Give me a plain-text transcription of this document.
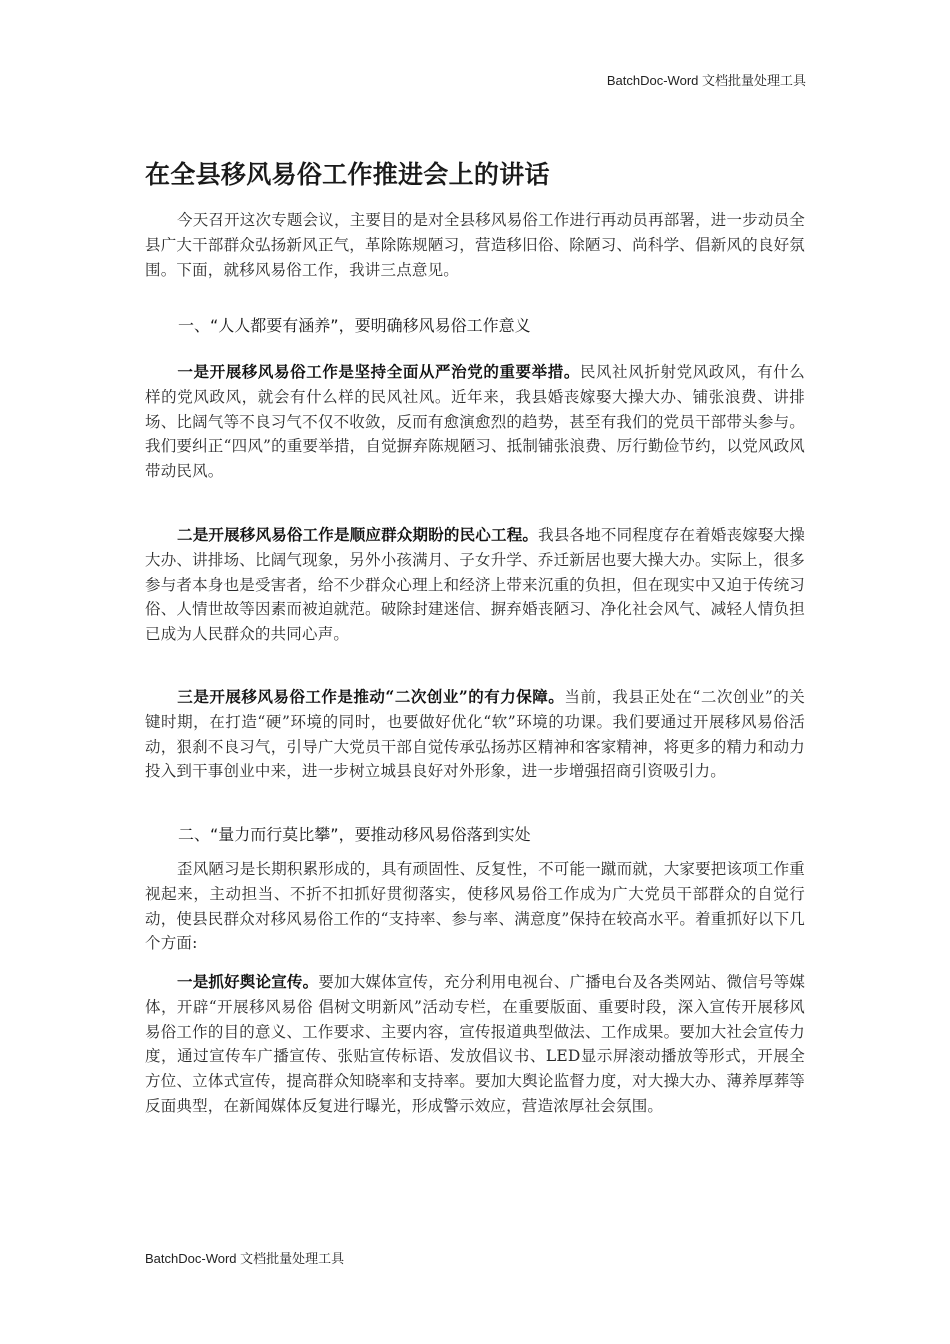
BatchDoc-Word 文档批量处理工具
在全县移风易俗工作推进会上的讲话
今天召开这次专题会议，主要目的是对全县移风易俗工作进行再动员再部署，进一步动员全县广大干部群众弘扬新风正气，革除陈规陋习，营造移旧俗、除陋习、尚科学、倡新风的良好氛围。下面，就移风易俗工作，我讲三点意见。
一、“人人都要有涵养”，要明确移风易俗工作意义
一是开展移风易俗工作是坚持全面从严治党的重要举措。民风社风折射党风政风，有什么样的党风政风，就会有什么样的民风社风。近年来，我县婚丧嫁娶大操大办、铺张浪费、讲排场、比阔气等不良习气不仅不收敛，反而有愈演愈烈的趋势，甚至有我们的党员干部带头参与。我们要纠正“四风”的重要举措，自觉摒弃陈规陋习、抵制铺张浪费、厉行勤俭节约，以党风政风带动民风。
二是开展移风易俗工作是顺应群众期盼的民心工程。我县各地不同程度存在着婚丧嫁娶大操大办、讲排场、比阔气现象，另外小孩满月、子女升学、乔迁新居也要大操大办。实际上，很多参与者本身也是受害者，给不少群众心理上和经济上带来沉重的负担，但在现实中又迫于传统习俗、人情世故等因素而被迫就范。破除封建迷信、摒弃婚丧陋习、净化社会风气、减轻人情负担已成为人民群众的共同心声。
三是开展移风易俗工作是推动“二次创业”的有力保障。当前，我县正处在“二次创业”的关键时期，在打造“硬”环境的同时，也要做好优化“软”环境的功课。我们要通过开展移风易俗活动，狠刹不良习气，引导广大党员干部自觉传承弘扬苏区精神和客家精神，将更多的精力和动力投入到干事创业中来，进一步树立城县良好对外形象，进一步增强招商引资吸引力。
二、“量力而行莫比攀”，要推动移风易俗落到实处
歪风陋习是长期积累形成的，具有顽固性、反复性，不可能一蹴而就，大家要把该项工作重视起来，主动担当、不折不扣抓好贯彻落实，使移风易俗工作成为广大党员干部群众的自觉行动，使县民群众对移风易俗工作的“支持率、参与率、满意度”保持在较高水平。着重抓好以下几个方面:
一是抓好舆论宣传。要加大媒体宣传，充分利用电视台、广播电台及各类网站、微信号等媒体，开辟“开展移风易俗 倡树文明新风”活动专栏，在重要版面、重要时段，深入宣传开展移风易俗工作的目的意义、工作要求、主要内容，宣传报道典型做法、工作成果。要加大社会宣传力度，通过宣传车广播宣传、张贴宣传标语、发放倡议书、LED显示屏滚动播放等形式，开展全方位、立体式宣传，提高群众知晓率和支持率。要加大舆论监督力度，对大操大办、薄养厚葬等反面典型，在新闻媒体反复进行曝光，形成警示效应，营造浓厚社会氛围。
BatchDoc-Word 文档批量处理工具
